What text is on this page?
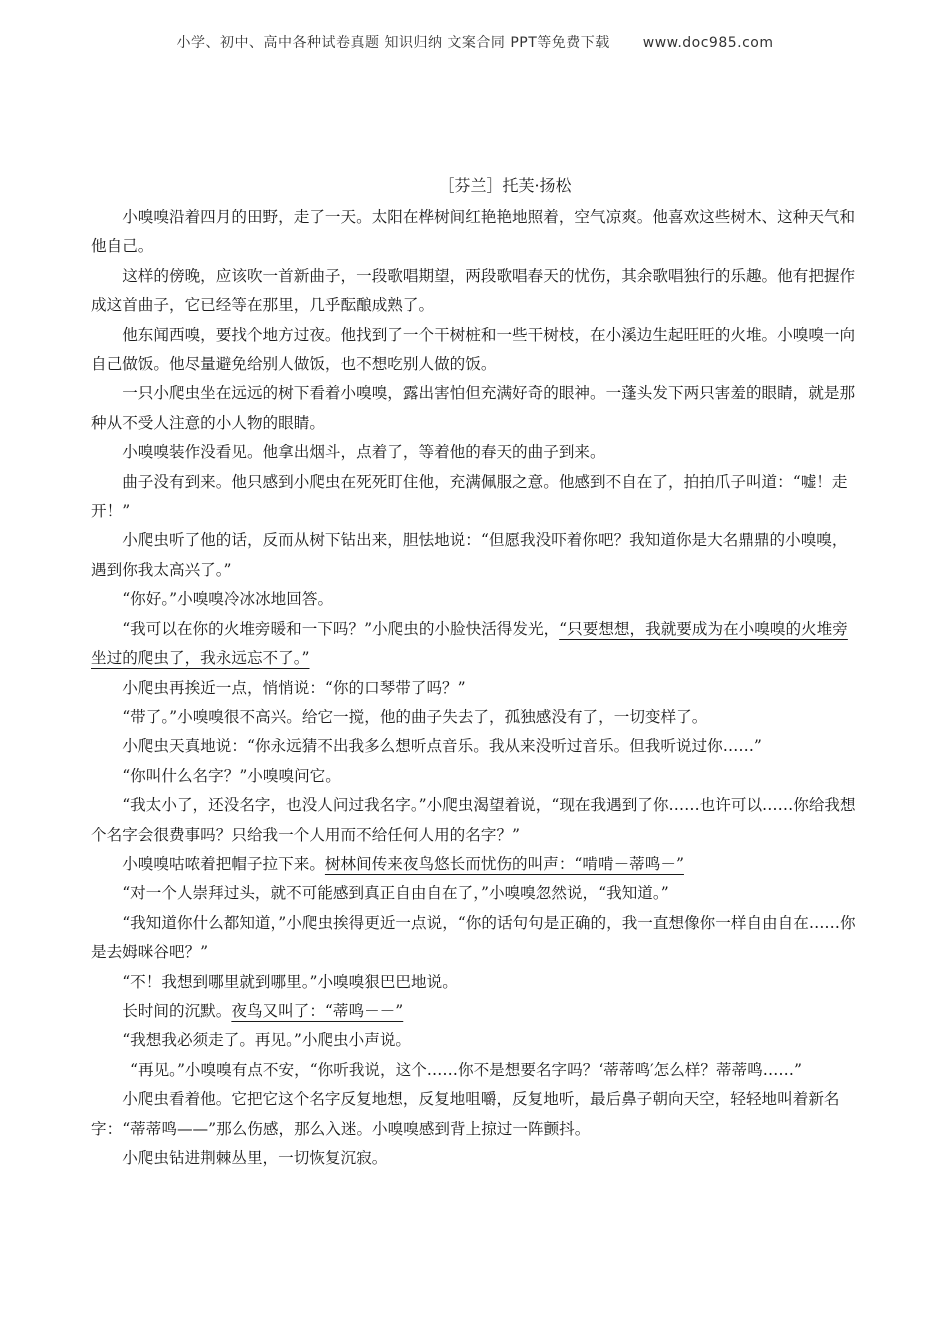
小学、初中、高中各种试卷真题 知识归纳 文案合同 PPT等免费下载 www.doc985.com
［芬兰］托芙·扬松

小嗅嗅沿着四月的田野，走了一天。太阳在桦树间红艳艳地照着，空气凉爽。他喜欢这些树木、这种天气和他自己。

这样的傍晚，应该吹一首新曲子，一段歌唱期望，两段歌唱春天的忧伤，其余歌唱独行的乐趣。他有把握作成这首曲子，它已经等在那里，几乎酝酿成熟了。

他东闻西嗅，要找个地方过夜。他找到了一个干树桩和一些干树枝，在小溪边生起旺旺的火堆。小嗅嗅一向自己做饭。他尽量避免给别人做饭，也不想吃别人做的饭。

一只小爬虫坐在远远的树下看着小嗅嗅，露出害怕但充满好奇的眼神。一蓬头发下两只害羞的眼睛，就是那种从不受人注意的小人物的眼睛。

小嗅嗅装作没看见。他拿出烟斗，点着了，等着他的春天的曲子到来。

曲子没有到来。他只感到小爬虫在死死盯住他，充满佩服之意。他感到不自在了，拍拍爪子叫道：“嘘！走开！”

小爬虫听了他的话，反而从树下钻出来，胆怯地说：“但愿我没吓着你吧？我知道你是大名鼎鼎的小嗅嗅，遇到你我太高兴了。”

“你好。”小嗅嗅冷冰冰地回答。

“我可以在你的火堆旁暖和一下吗？”小爬虫的小脸快活得发光，“只要想想，我就要成为在小嗅嗅的火堆旁坐过的爬虫了，我永远忘不了。”

小爬虫再挨近一点，悄悄说：“你的口琴带了吗？”

“带了。”小嗅嗅很不高兴。给它一搅，他的曲子失去了，孤独感没有了，一切变样了。

小爬虫天真地说：“你永远猜不出我多么想听点音乐。我从来没听过音乐。但我听说过你……”

“你叫什么名字？”小嗅嗅问它。

“我太小了，还没名字，也没人问过我名字。”小爬虫渴望着说，“现在我遇到了你……也许可以……你给我想个名字会很费事吗？只给我一个人用而不给任何人用的名字？”

小嗅嗅咕哝着把帽子拉下来。树林间传来夜鸟悠长而忧伤的叫声：“啃啃－蒂鸣－”

“对一个人崇拜过头，就不可能感到真正自由自在了，”小嗅嗅忽然说，“我知道。”

“我知道你什么都知道，”小爬虫挨得更近一点说，“你的话句句是正确的，我一直想像你一样自由自在……你是去姆咪谷吧？”

“不！我想到哪里就到哪里。”小嗅嗅狠巴巴地说。

长时间的沉默。夜鸟又叫了：“蒂鸣－－”

“我想我必须走了。再见。”小爬虫小声说。

“再见。”小嗅嗅有点不安，“你听我说，这个……你不是想要名字吗？‘蒂蒂鸣′怎么样？蒂蒂鸣……”

小爬虫看着他。它把它这个名字反复地想，反复地咀嚼，反复地听，最后鼻子朝向天空，轻轻地叫着新名字：“蒂蒂鸣——”那么伤感，那么入迷。小嗅嗅感到背上掠过一阵颤抖。

小爬虫钻进荆棘丛里，一切恢复沉寂。
